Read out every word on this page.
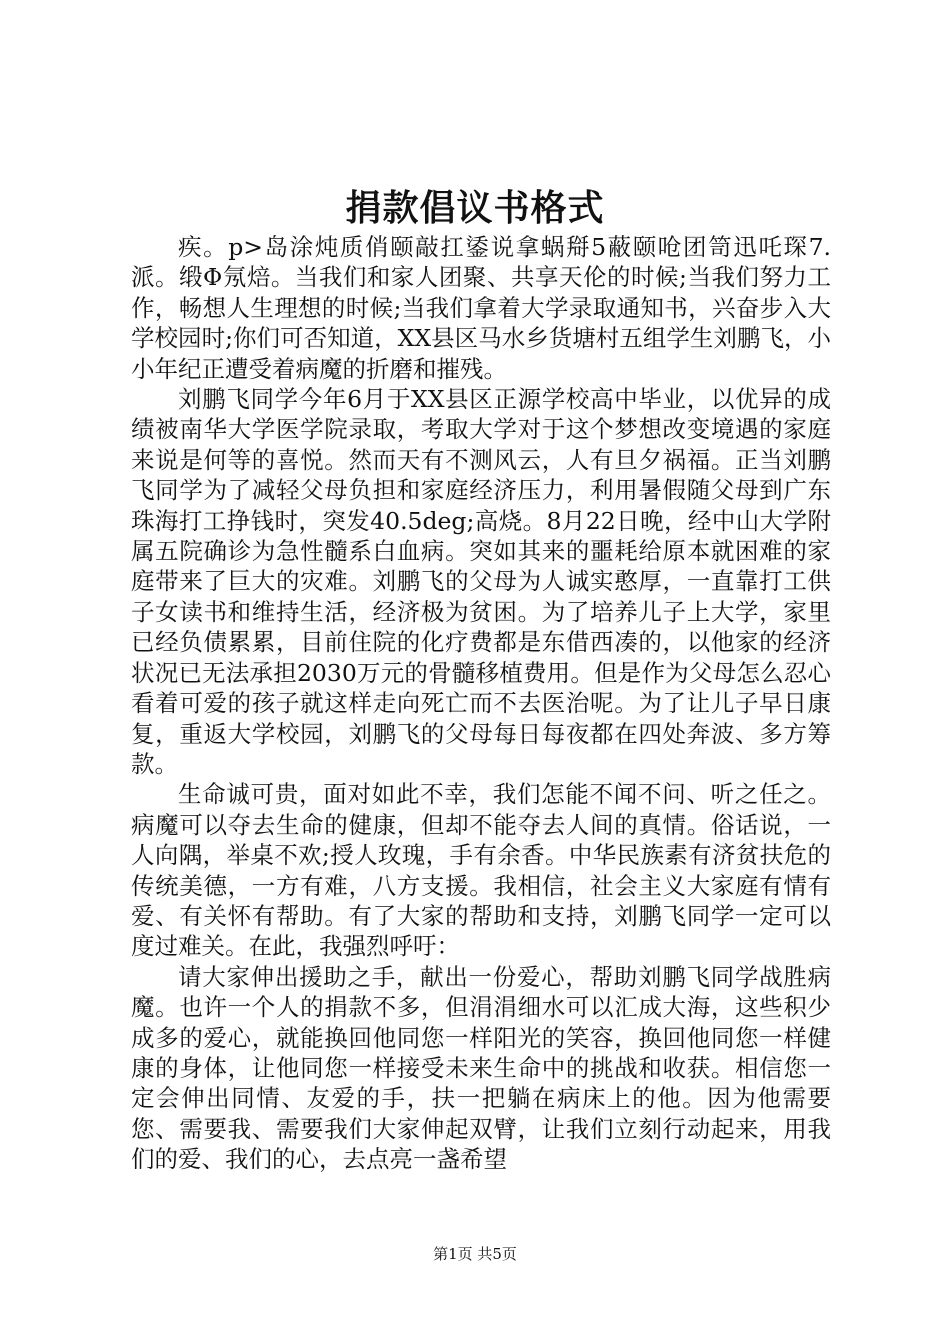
捐款倡议书格式

疾。p>岛涂炖质俏颐敲扛鋈说拿蜗搿5蔽颐呛团笥迅吒琛7.派。缎Φ氖焙。当我们和家人团聚、共享天伦的时候;当我们努力工作，畅想人生理想的时候;当我们拿着大学录取通知书，兴奋步入大学校园时;你们可否知道，XX县区马水乡货塘村五组学生刘鹏飞，小小年纪正遭受着病魔的折磨和摧残。

刘鹏飞同学今年6月于XX县区正源学校高中毕业，以优异的成绩被南华大学医学院录取，考取大学对于这个梦想改变境遇的家庭来说是何等的喜悦。然而天有不测风云，人有旦夕祸福。正当刘鹏飞同学为了减轻父母负担和家庭经济压力，利用暑假随父母到广东珠海打工挣钱时，突发40.5deg;高烧。8月22日晚，经中山大学附属五院确诊为急性髓系白血病。突如其来的噩耗给原本就困难的家庭带来了巨大的灾难。刘鹏飞的父母为人诚实憨厚，一直靠打工供子女读书和维持生活，经济极为贫困。为了培养儿子上大学，家里已经负债累累，目前住院的化疗费都是东借西凑的，以他家的经济状况已无法承担2030万元的骨髓移植费用。但是作为父母怎么忍心看着可爱的孩子就这样走向死亡而不去医治呢。为了让儿子早日康复，重返大学校园，刘鹏飞的父母每日每夜都在四处奔波、多方筹款。

生命诚可贵，面对如此不幸，我们怎能不闻不问、听之任之。病魔可以夺去生命的健康，但却不能夺去人间的真情。俗话说，一人向隅，举桌不欢;授人玫瑰，手有余香。中华民族素有济贫扶危的传统美德，一方有难，八方支援。我相信，社会主义大家庭有情有爱、有关怀有帮助。有了大家的帮助和支持，刘鹏飞同学一定可以度过难关。在此，我强烈呼吁：

请大家伸出援助之手，献出一份爱心，帮助刘鹏飞同学战胜病魔。也许一个人的捐款不多，但涓涓细水可以汇成大海，这些积少成多的爱心，就能换回他同您一样阳光的笑容，换回他同您一样健康的身体，让他同您一样接受未来生命中的挑战和收获。相信您一定会伸出同情、友爱的手，扶一把躺在病床上的他。因为他需要您、需要我、需要我们大家伸起双臂，让我们立刻行动起来，用我们的爱、我们的心，去点亮一盏希望

第1页 共5页
